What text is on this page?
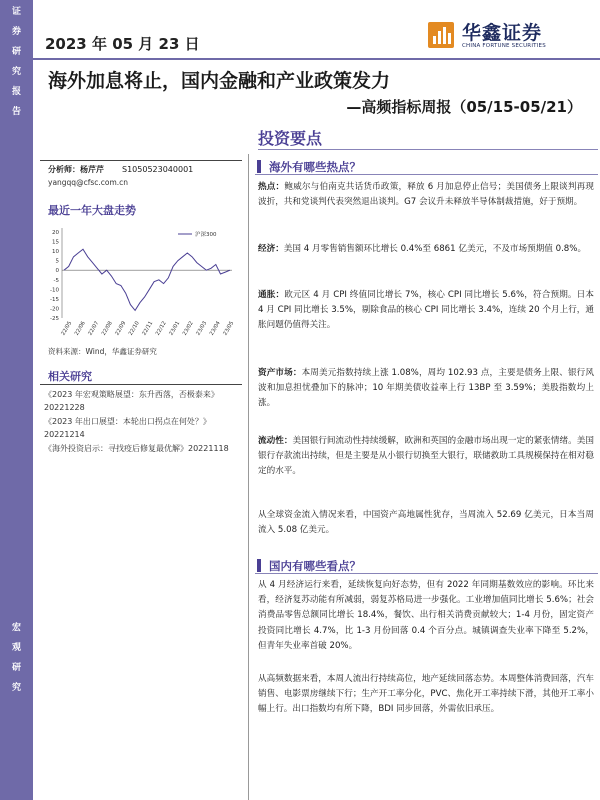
证
券
研
究
报
告
宏
观
研
究
2023 年 05 月 23 日	华鑫证券
CHINA FORTUNE SECURITIES
海外加息将止，国内金融和产业政策发力
—高频指标周报（05/15-05/21）
投资要点
分析师：杨芹芹 S1050523040001
yangqq@cfsc.com.cn
最近一年大盘走势
-25
-20
-15
-10
-5
0
5
10
15
20
22/05 22/06 22/07 22/08 22/09 22/10 22/11 22/12 23/01 23/02 23/03 23/04 23/05
沪深300
资料来源：Wind，华鑫证券研究
相关研究
《2023 年宏观策略展望：东升西落，否极泰来》20221228
《2023 年出口展望：本轮出口拐点在何处？》20221214
《海外投资启示：寻找疫后修复最优解》20221118
海外有哪些热点？
热点：鲍威尔与伯南克共话货币政策，释放 6 月加息停止信号；美国债务上限谈判再现波折，共和党谈判代表突然退出谈判。G7 会议升未释放半导体制裁措施，好于预期。
经济：美国 4 月零售销售额环比增长 0.4%至 6861 亿美元，不及市场预期值 0.8%。
通胀：欧元区 4 月 CPI 终值同比增长 7%，核心 CPI 同比增长 5.6%，符合预期。日本 4 月 CPI 同比增长 3.5%，剔除食品的核心 CPI 同比增长 3.4%，连续 20 个月上行，通胀问题仍值得关注。
资产市场：本周美元指数持续上涨 1.08%，周均 102.93 点，主要是债务上限、银行风波和加息担忧叠加下的脉冲；10 年期美债收益率上行 13BP 至 3.59%；美股指数均上涨。
流动性：美国银行间流动性持续缓解，欧洲和英国的金融市场出现一定的紧张情绪。美国银行存款流出持续，但是主要是从小银行切换至大银行，联储救助工具规模保持在相对稳定的水平。
从全球资金流入情况来看，中国资产高地属性犹存，当周流入 52.69 亿美元，日本当周流入 5.08 亿美元。
国内有哪些看点？
从 4 月经济运行来看，延续恢复向好态势，但有 2022 年同期基数效应的影响。环比来看，经济复苏动能有所减弱，弱复苏格局进一步强化。工业增加值同比增长 5.6%；社会消费品零售总额同比增长 18.4%，餐饮、出行相关消费贡献较大；1-4 月份，固定资产投资同比增长 4.7%，比 1-3 月份回落 0.4 个百分点。城镇调查失业率下降至 5.2%，但青年失业率首破 20%。
从高频数据来看，本周人流出行持续高位，地产延续回落态势。本周整体消费回落，汽车销售、电影票房继续下行；生产开工率分化，PVC、焦化开工率持续下滑，其他开工率小幅上行。出口指数均有所下降，BDI 同步回落，外需依旧承压。
